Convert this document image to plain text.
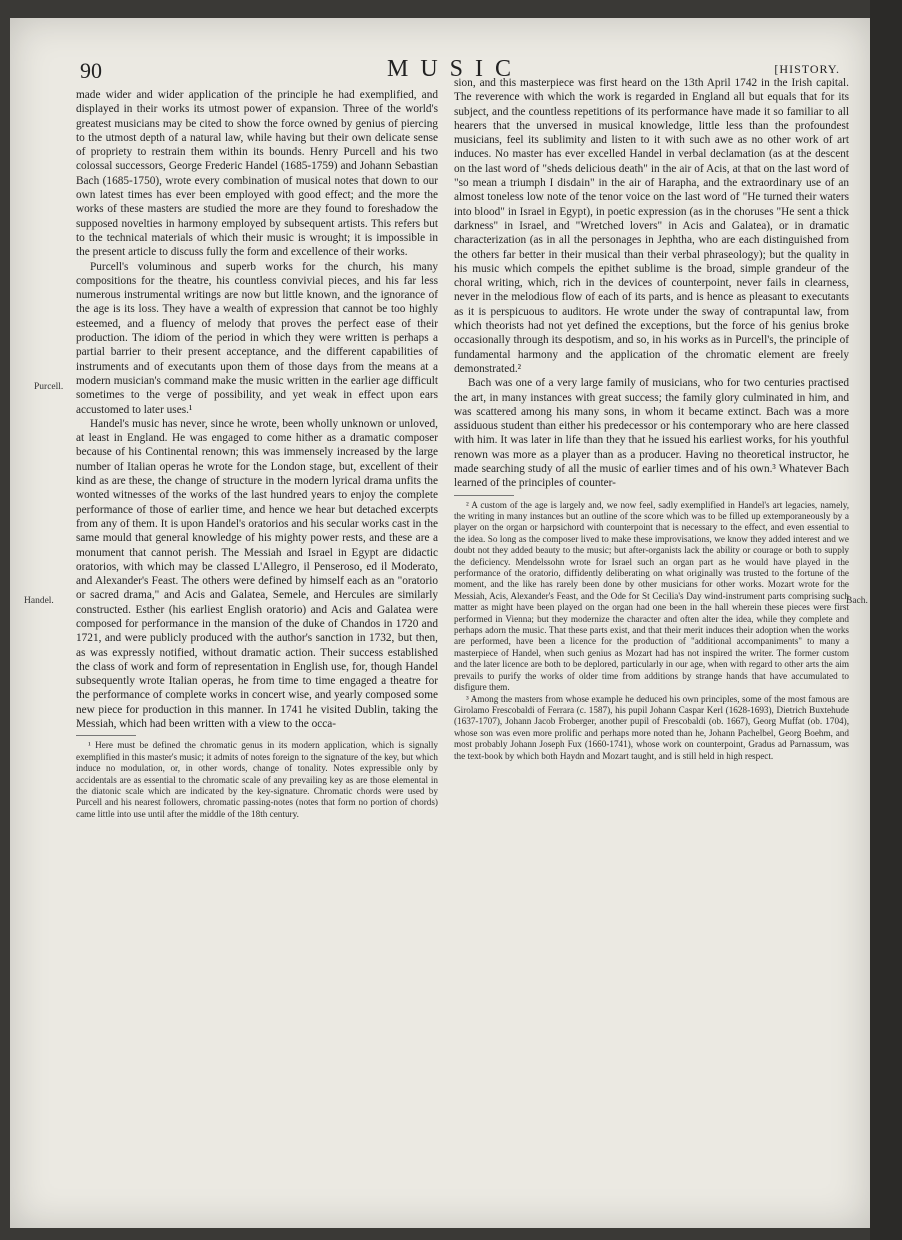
90	MUSIC	[HISTORY.
Purcell.
Handel.	Bach.

made wider and wider application of the principle he had exemplified, and displayed in their works its utmost power of expansion. Three of the world's greatest musicians may be cited to show the force owned by genius of piercing to the utmost depth of a natural law, while having but their own delicate sense of propriety to restrain them within its bounds. Henry Purcell and his two colossal successors, George Frederic Handel (1685-1759) and Johann Sebastian Bach (1685-1750), wrote every combination of musical notes that down to our own latest times has ever been employed with good effect; and the more the works of these masters are studied the more are they found to foreshadow the supposed novelties in harmony employed by subsequent artists. This refers but to the technical materials of which their music is wrought; it is impossible in the present article to discuss fully the form and excellence of their works.

Purcell's voluminous and superb works for the church, his many compositions for the theatre, his countless convivial pieces, and his far less numerous instrumental writings are now but little known, and the ignorance of the age is its loss. They have a wealth of expression that cannot be too highly esteemed, and a fluency of melody that proves the perfect ease of their production. The idiom of the period in which they were written is perhaps a partial barrier to their present acceptance, and the different capabilities of instruments and of executants upon them of those days from the means at a modern musician's command make the music written in the earlier age difficult sometimes to the verge of possibility, and yet weak in effect upon ears accustomed to later uses.¹

Handel's music has never, since he wrote, been wholly unknown or unloved, at least in England. He was engaged to come hither as a dramatic composer because of his Continental renown; this was immensely increased by the large number of Italian operas he wrote for the London stage, but, excellent of their kind as are these, the change of structure in the modern lyrical drama unfits the wonted witnesses of the works of the last hundred years to enjoy the complete performance of those of earlier time, and hence we hear but detached excerpts from any of them. It is upon Handel's oratorios and his secular works cast in the same mould that general knowledge of his mighty power rests, and these are a monument that cannot perish. The Messiah and Israel in Egypt are didactic oratorios, with which may be classed L'Allegro, il Penseroso, ed il Moderato, and Alexander's Feast. The others were defined by himself each as an "oratorio or sacred drama," and Acis and Galatea, Semele, and Hercules are similarly constructed. Esther (his earliest English oratorio) and Acis and Galatea were composed for performance in the mansion of the duke of Chandos in 1720 and 1721, and were publicly produced with the author's sanction in 1732, but then, as was expressly notified, without dramatic action. Their success established the class of work and form of representation in English use, for, though Handel subsequently wrote Italian operas, he from time to time engaged a theatre for the performance of complete works in concert wise, and yearly composed some new piece for production in this manner. In 1741 he visited Dublin, taking the Messiah, which had been written with a view to the occa-

¹ Here must be defined the chromatic genus in its modern application, which is signally exemplified in this master's music; it admits of notes foreign to the signature of the key, but which induce no modulation, or, in other words, change of tonality. Notes expressible only by accidentals are as essential to the chromatic scale of any prevailing key as are those elemental in the diatonic scale which are indicated by the key-signature. Chromatic chords were used by Purcell and his nearest followers, chromatic passing-notes (notes that form no portion of chords) came little into use until after the middle of the 18th century.

sion, and this masterpiece was first heard on the 13th April 1742 in the Irish capital. The reverence with which the work is regarded in England all but equals that for its subject, and the countless repetitions of its performance have made it so familiar to all hearers that the unversed in musical knowledge, little less than the profoundest musicians, feel its sublimity and listen to it with such awe as no other work of art induces. No master has ever excelled Handel in verbal declamation (as at the descent on the last word of "sheds delicious death" in the air of Acis, at that on the last word of "so mean a triumph I disdain" in the air of Harapha, and the extraordinary use of an almost toneless low note of the tenor voice on the last word of "He turned their waters into blood" in Israel in Egypt), in poetic expression (as in the choruses "He sent a thick darkness" in Israel, and "Wretched lovers" in Acis and Galatea), or in dramatic characterization (as in all the personages in Jephtha, who are each distinguished from the others far better in their musical than their verbal phraseology); but the quality in his music which compels the epithet sublime is the broad, simple grandeur of the choral writing, which, rich in the devices of counterpoint, never fails in clearness, never in the melodious flow of each of its parts, and is hence as pleasant to executants as it is perspicuous to auditors. He wrote under the sway of contrapuntal law, from which theorists had not yet defined the exceptions, but the force of his genius broke occasionally through its despotism, and so, in his works as in Purcell's, the principle of fundamental harmony and the application of the chromatic element are freely demonstrated.²

Bach was one of a very large family of musicians, who for two centuries practised the art, in many instances with great success; the family glory culminated in him, and was scattered among his many sons, in whom it became extinct. Bach was a more assiduous student than either his predecessor or his contemporary who are here classed with him. It was later in life than they that he issued his earliest works, for his youthful renown was more as a player than as a producer. Having no theoretical instructor, he made searching study of all the music of earlier times and of his own.³ Whatever Bach learned of the principles of counter-

² A custom of the age is largely and, we now feel, sadly exemplified in Handel's art legacies, namely, the writing in many instances but an outline of the score which was to be filled up extemporaneously by a player on the organ or harpsichord with counterpoint that is necessary to the effect, and even essential to the idea. So long as the composer lived to make these improvisations, we know they added interest and we doubt not they added beauty to the music; but after-organists lack the ability or courage or both to supply the deficiency. Mendelssohn wrote for Israel such an organ part as he would have played in the performance of the oratorio, diffidently deliberating on what originally was trusted to the fortune of the moment, and the like has rarely been done by other musicians for other works. Mozart wrote for the Messiah, Acis, Alexander's Feast, and the Ode for St Cecilia's Day wind-instrument parts comprising such matter as might have been played on the organ had one been in the hall wherein these pieces were first performed in Vienna; but they modernize the character and often alter the idea, while they complete and perhaps adorn the music. That these parts exist, and that their merit induces their adoption when the works are performed, have been a licence for the production of "additional accompaniments" to many a masterpiece of Handel, when such genius as Mozart had has not inspired the writer. The former custom and the later licence are both to be deplored, particularly in our age, when with regard to other arts the aim prevails to purify the works of older time from additions by strange hands that have accumulated to disfigure them.

³ Among the masters from whose example he deduced his own principles, some of the most famous are Girolamo Frescobaldi of Ferrara (c. 1587), his pupil Johann Caspar Kerl (1628-1693), Dietrich Buxtehude (1637-1707), Johann Jacob Froberger, another pupil of Frescobaldi (ob. 1667), Georg Muffat (ob. 1704), whose son was even more prolific and perhaps more noted than he, Johann Pachelbel, Georg Boehm, and most probably Johann Joseph Fux (1660-1741), whose work on counterpoint, Gradus ad Parnassum, was the text-book by which both Haydn and Mozart taught, and is still held in high respect.
